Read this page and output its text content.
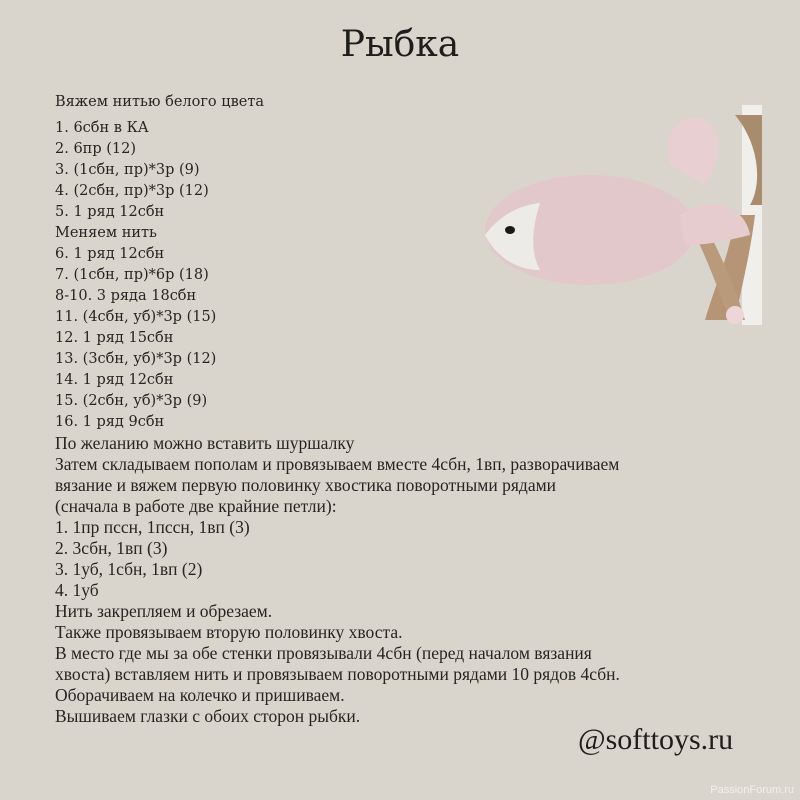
Рыбка
Вяжем нитью белого цвета
1. 6сбн в КА
2. 6пр (12)
3. (1сбн, пр)*3р (9)
4. (2сбн, пр)*3р (12)
5. 1 ряд 12сбн
Меняем нить
6. 1 ряд 12сбн
7. (1сбн, пр)*6р (18)
8-10. 3 ряда 18сбн
11. (4сбн, уб)*3р (15)
12. 1 ряд 15сбн
13. (3сбн, уб)*3р (12)
14. 1 ряд 12сбн
15. (2сбн, уб)*3р (9)
16. 1 ряд 9сбн
По желанию можно вставить шуршалку
Затем складываем пополам и провязываем вместе 4сбн, 1вп, разворачиваем
вязание и вяжем первую половинку хвостика поворотными рядами
(сначала в работе две крайние петли):
1. 1пр пссн, 1пссн, 1вп (3)
2. 3сбн, 1вп (3)
3. 1уб, 1сбн, 1вп (2)
4. 1уб
Нить закрепляем и обрезаем.
Также провязываем вторую половинку хвоста.
В место где мы за обе стенки провязывали 4сбн (перед началом вязания
хвоста) вставляем нить и провязываем поворотными рядами 10 рядов 4сбн.
Оборачиваем на колечко и пришиваем.
Вышиваем глазки с обоих сторон рыбки.
@softtoys.ru
PassionForum.ru
